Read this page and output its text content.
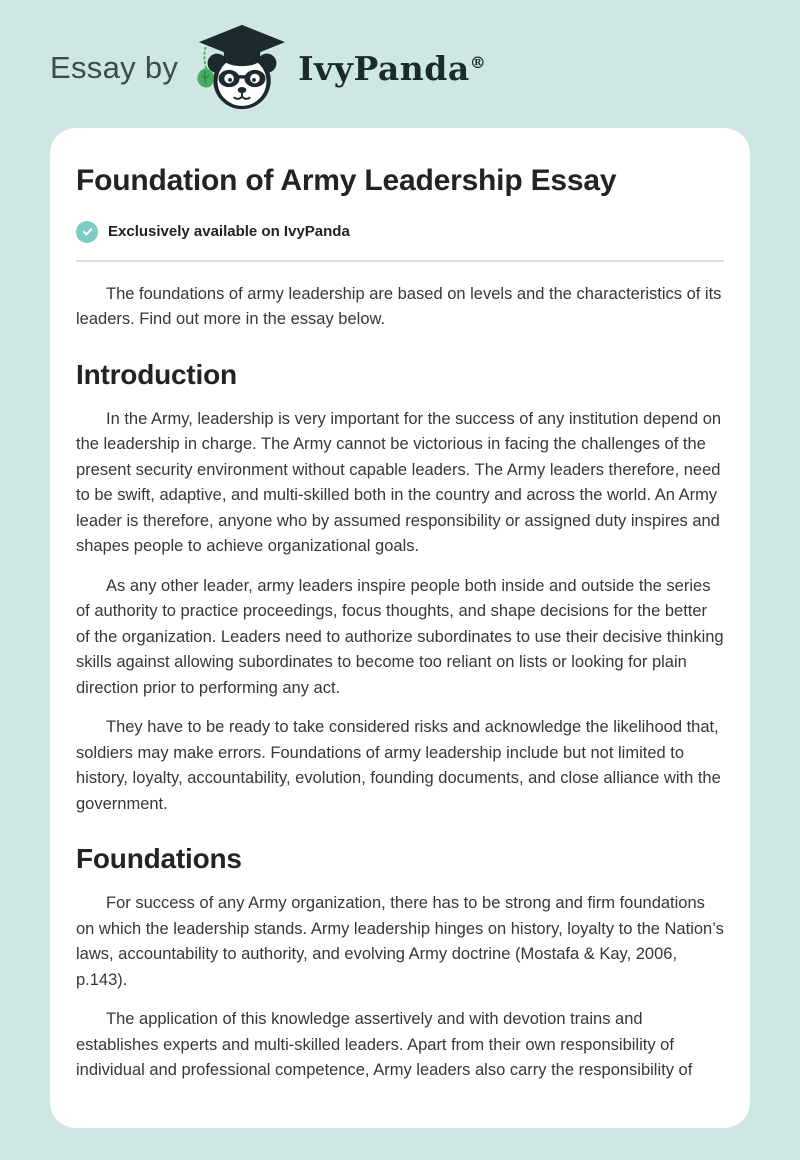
Essay by	IvyPanda®
Foundation of Army Leadership Essay
Exclusively available on IvyPanda

The foundations of army leadership are based on levels and the characteristics of its leaders. Find out more in the essay below.

Introduction

In the Army, leadership is very important for the success of any institution depend on the leadership in charge. The Army cannot be victorious in facing the challenges of the present security environment without capable leaders. The Army leaders therefore, need to be swift, adaptive, and multi-skilled both in the country and across the world. An Army leader is therefore, anyone who by assumed responsibility or assigned duty inspires and shapes people to achieve organizational goals.

As any other leader, army leaders inspire people both inside and outside the series of authority to practice proceedings, focus thoughts, and shape decisions for the better of the organization. Leaders need to authorize subordinates to use their decisive thinking skills against allowing subordinates to become too reliant on lists or looking for plain direction prior to performing any act.

They have to be ready to take considered risks and acknowledge the likelihood that, soldiers may make errors. Foundations of army leadership include but not limited to history, loyalty, accountability, evolution, founding documents, and close alliance with the government.

Foundations

For success of any Army organization, there has to be strong and firm foundations on which the leadership stands. Army leadership hinges on history, loyalty to the Nation’s laws, accountability to authority, and evolving Army doctrine (Mostafa & Kay, 2006, p.143).

The application of this knowledge assertively and with devotion trains and establishes experts and multi-skilled leaders. Apart from their own responsibility of individual and professional competence, Army leaders also carry the responsibility of
